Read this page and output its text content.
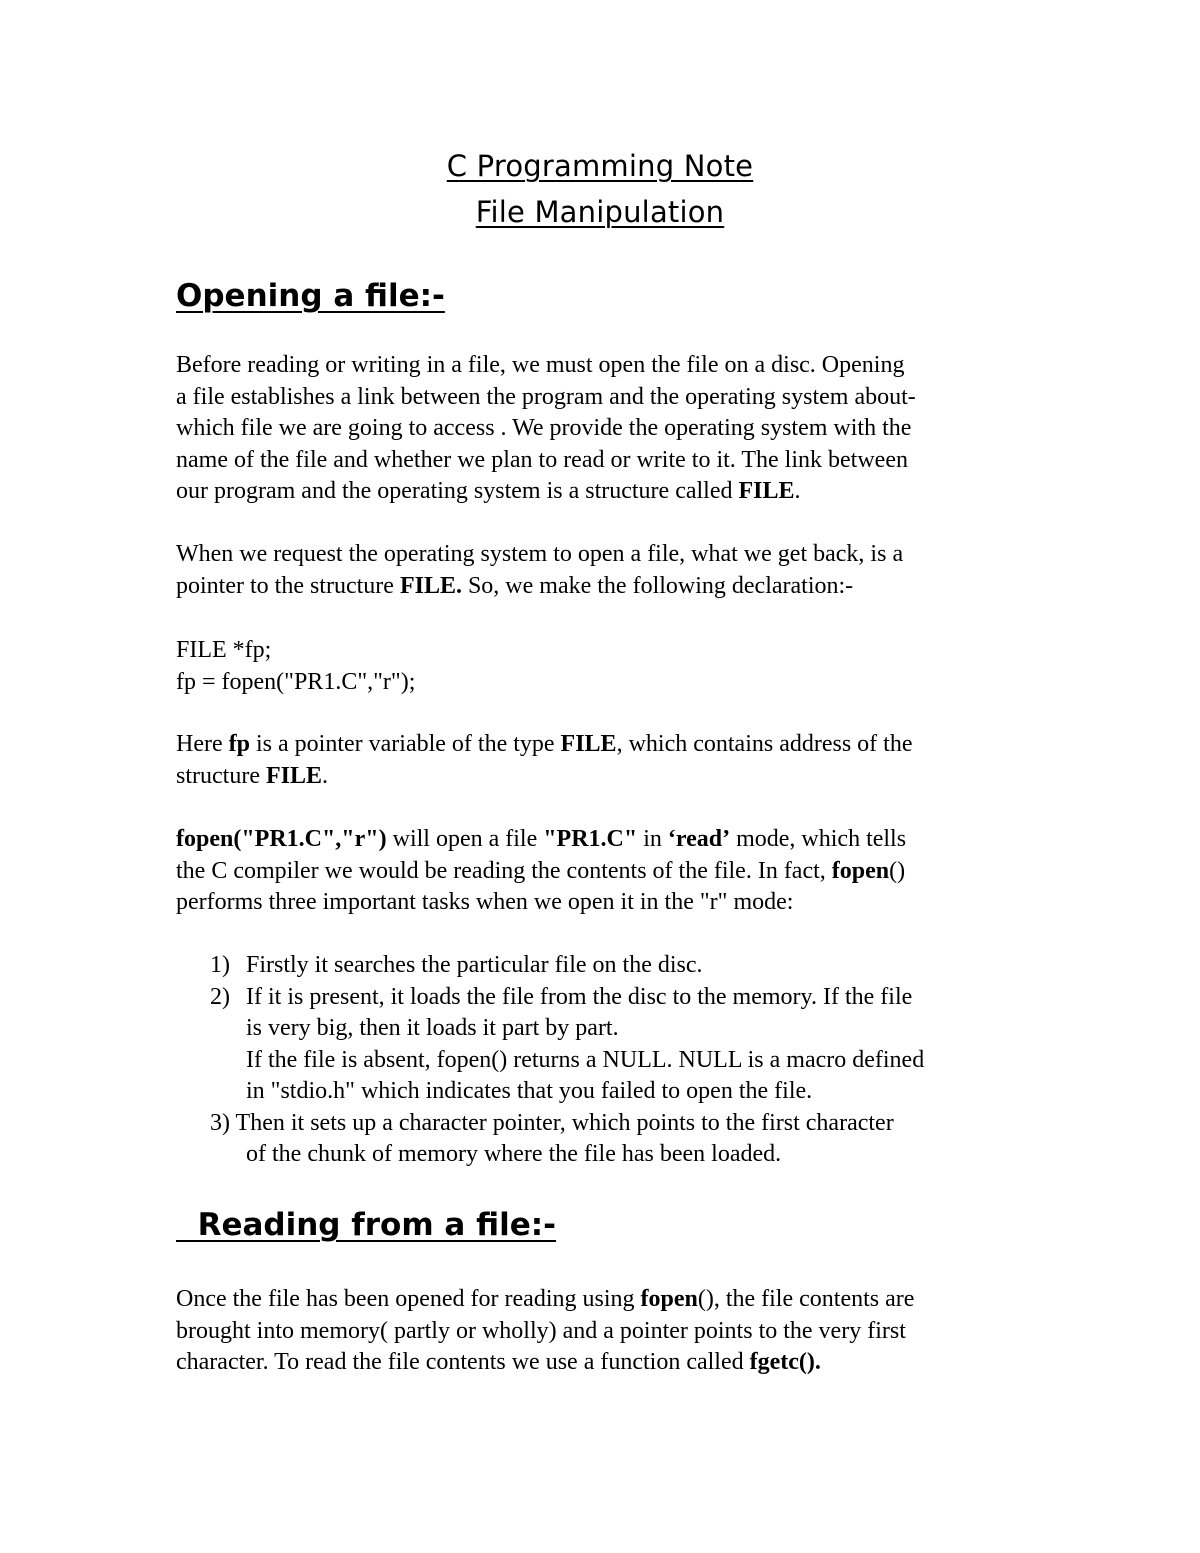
C Programming Note
File Manipulation
Opening a file:-
Before reading or writing in a file, we must open the file on a disc. Opening
a file establishes a link between the program and the operating system about-
which file we are going to access . We provide the operating system with the
name of the file and whether we plan to read or write to it. The link between
our program and the operating system is a structure called FILE.
When we request the operating system to open a file, what we get back, is a
pointer to the structure FILE. So, we make the following declaration:-
FILE *fp;
fp = fopen("PR1.C","r");
Here fp is a pointer variable of the type FILE, which contains address of the
structure FILE.
fopen("PR1.C","r") will open a file "PR1.C" in ‘read’ mode, which tells
the C compiler we would be reading the contents of the file. In fact, fopen()
performs three important tasks when we open it in the "r" mode:
1) Firstly it searches the particular file on the disc.
2) If it is present, it loads the file from the disc to the memory. If the file
is very big, then it loads it part by part.
If the file is absent, fopen() returns a NULL. NULL is a macro defined
in "stdio.h" which indicates that you failed to open the file.
3) Then it sets up a character pointer, which points to the first character
of the chunk of memory where the file has been loaded.
Reading from a file:-
Once the file has been opened for reading using fopen(), the file contents are
brought into memory( partly or wholly) and a pointer points to the very first
character. To read the file contents we use a function called fgetc().
